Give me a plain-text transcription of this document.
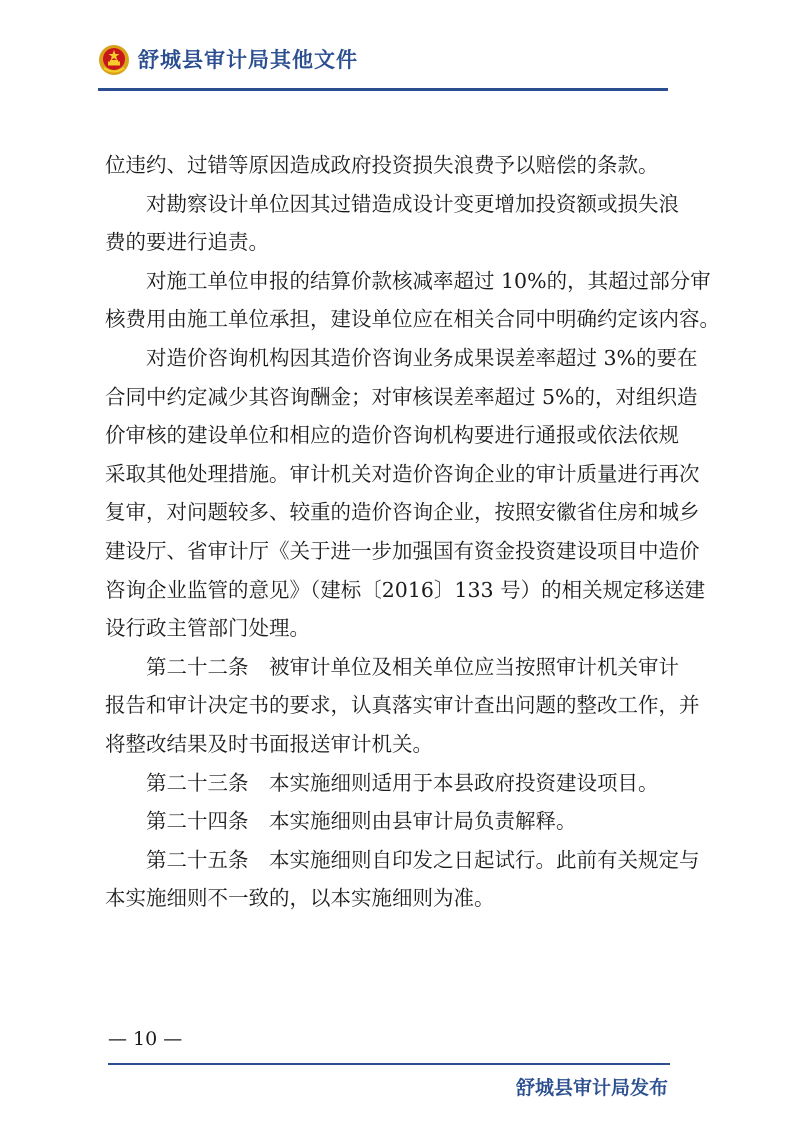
舒城县审计局其他文件

位违约、过错等原因造成政府投资损失浪费予以赔偿的条款。

　　对勘察设计单位因其过错造成设计变更增加投资额或损失浪

费的要进行追责。

　　对施工单位申报的结算价款核减率超过 10%的，其超过部分审

核费用由施工单位承担，建设单位应在相关合同中明确约定该内容。

　　对造价咨询机构因其造价咨询业务成果误差率超过 3%的要在

合同中约定减少其咨询酬金；对审核误差率超过 5%的，对组织造

价审核的建设单位和相应的造价咨询机构要进行通报或依法依规

采取其他处理措施。审计机关对造价咨询企业的审计质量进行再次

复审，对问题较多、较重的造价咨询企业，按照安徽省住房和城乡

建设厅、省审计厅《关于进一步加强国有资金投资建设项目中造价

咨询企业监管的意见》（建标〔2016〕133 号）的相关规定移送建

设行政主管部门处理。

　　第二十二条　被审计单位及相关单位应当按照审计机关审计

报告和审计决定书的要求，认真落实审计查出问题的整改工作，并

将整改结果及时书面报送审计机关。

　　第二十三条　本实施细则适用于本县政府投资建设项目。

　　第二十四条　本实施细则由县审计局负责解释。

　　第二十五条　本实施细则自印发之日起试行。此前有关规定与

本实施细则不一致的，以本实施细则为准。

— 10 —
舒城县审计局发布
